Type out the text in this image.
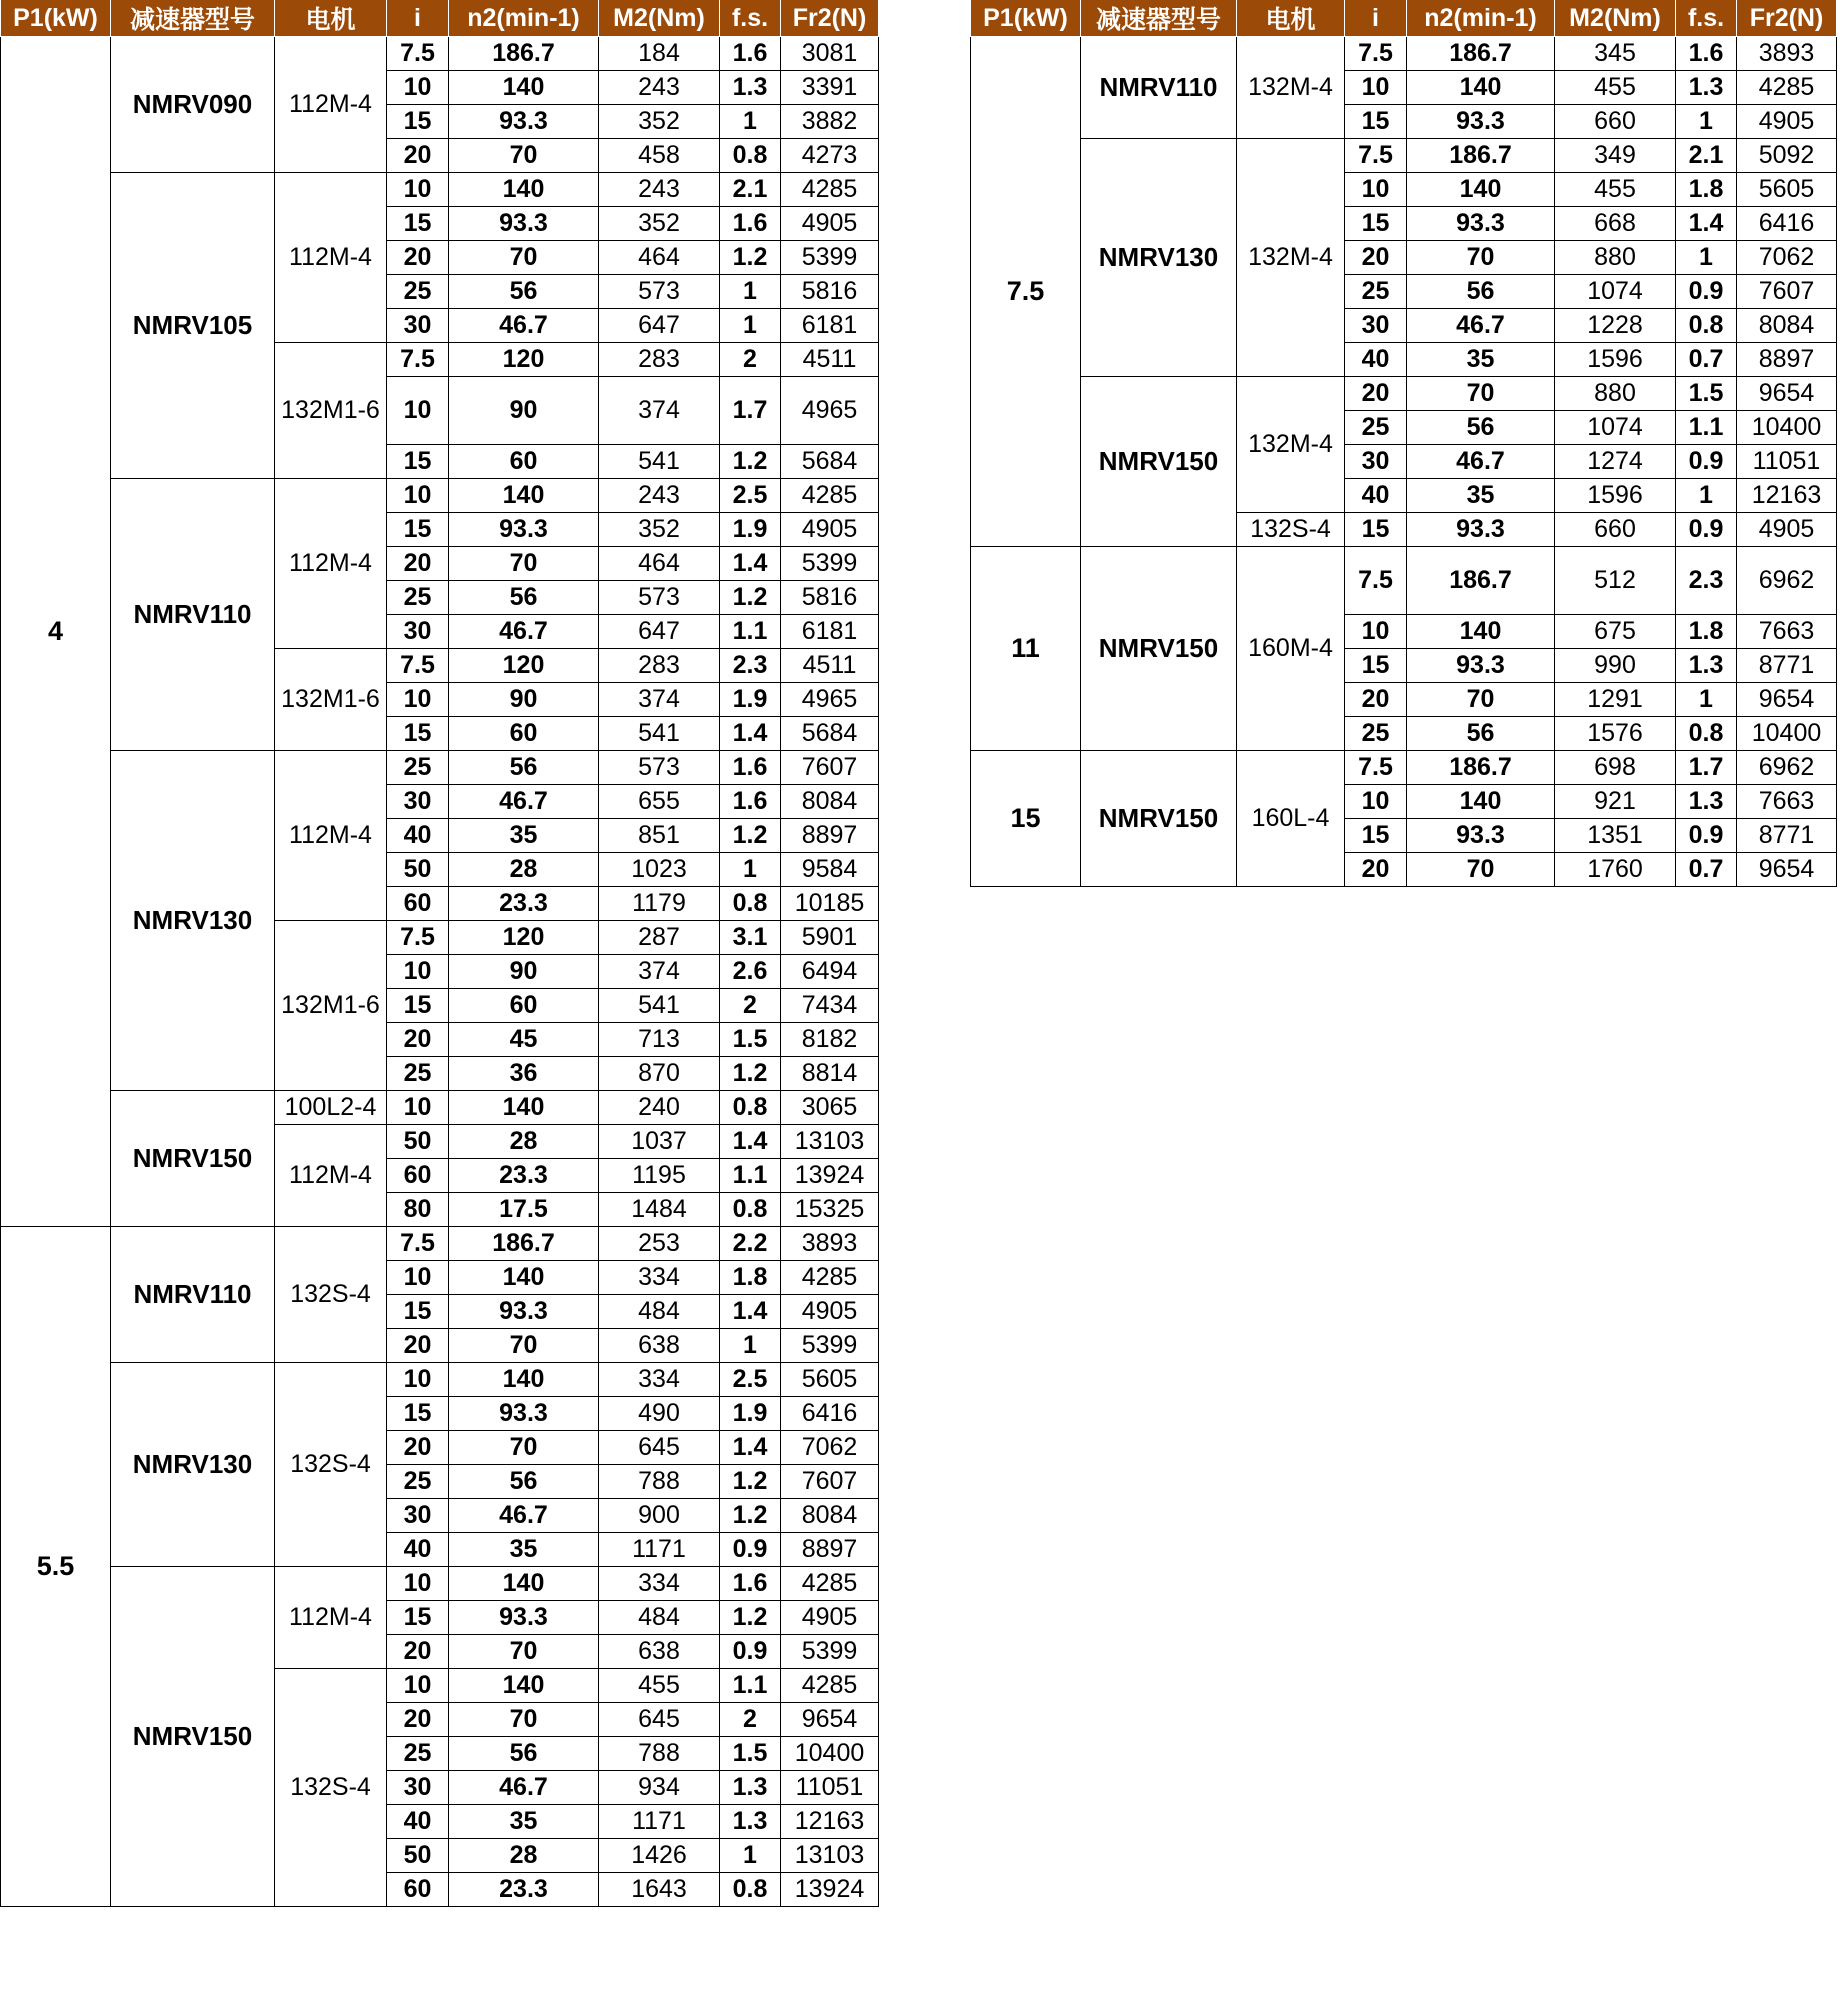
P1(kW)	减速器型号	电机	i	n2(min-1)	M2(Nm)	f.s.	Fr2(N)
4	NMRV090	112M-4	7.5	186.7	184	1.6	3081
			10	140	243	1.3	3391
			15	93.3	352	1	3882
			20	70	458	0.8	4273
	NMRV105	112M-4	10	140	243	2.1	4285
			15	93.3	352	1.6	4905
			20	70	464	1.2	5399
			25	56	573	1	5816
			30	46.7	647	1	6181
		132M1-6	7.5	120	283	2	4511
			10	90	374	1.7	4965
			15	60	541	1.2	5684
	NMRV110	112M-4	10	140	243	2.5	4285
			15	93.3	352	1.9	4905
			20	70	464	1.4	5399
			25	56	573	1.2	5816
			30	46.7	647	1.1	6181
		132M1-6	7.5	120	283	2.3	4511
			10	90	374	1.9	4965
			15	60	541	1.4	5684
	NMRV130	112M-4	25	56	573	1.6	7607
			30	46.7	655	1.6	8084
			40	35	851	1.2	8897
			50	28	1023	1	9584
			60	23.3	1179	0.8	10185
		132M1-6	7.5	120	287	3.1	5901
			10	90	374	2.6	6494
			15	60	541	2	7434
			20	45	713	1.5	8182
			25	36	870	1.2	8814
	NMRV150	100L2-4	10	140	240	0.8	3065
		112M-4	50	28	1037	1.4	13103
			60	23.3	1195	1.1	13924
			80	17.5	1484	0.8	15325
5.5	NMRV110	132S-4	7.5	186.7	253	2.2	3893
			10	140	334	1.8	4285
			15	93.3	484	1.4	4905
			20	70	638	1	5399
	NMRV130	132S-4	10	140	334	2.5	5605
			15	93.3	490	1.9	6416
			20	70	645	1.4	7062
			25	56	788	1.2	7607
			30	46.7	900	1.2	8084
			40	35	1171	0.9	8897
	NMRV150	112M-4	10	140	334	1.6	4285
			15	93.3	484	1.2	4905
			20	70	638	0.9	5399
		132S-4	10	140	455	1.1	4285
			20	70	645	2	9654
			25	56	788	1.5	10400
			30	46.7	934	1.3	11051
			40	35	1171	1.3	12163
			50	28	1426	1	13103
			60	23.3	1643	0.8	13924
P1(kW)	减速器型号	电机	i	n2(min-1)	M2(Nm)	f.s.	Fr2(N)
7.5	NMRV110	132M-4	7.5	186.7	345	1.6	3893
			10	140	455	1.3	4285
			15	93.3	660	1	4905
	NMRV130	132M-4	7.5	186.7	349	2.1	5092
			10	140	455	1.8	5605
			15	93.3	668	1.4	6416
			20	70	880	1	7062
			25	56	1074	0.9	7607
			30	46.7	1228	0.8	8084
			40	35	1596	0.7	8897
	NMRV150	132M-4	20	70	880	1.5	9654
			25	56	1074	1.1	10400
			30	46.7	1274	0.9	11051
			40	35	1596	1	12163
		132S-4	15	93.3	660	0.9	4905
11	NMRV150	160M-4	7.5	186.7	512	2.3	6962
			10	140	675	1.8	7663
			15	93.3	990	1.3	8771
			20	70	1291	1	9654
			25	56	1576	0.8	10400
15	NMRV150	160L-4	7.5	186.7	698	1.7	6962
			10	140	921	1.3	7663
			15	93.3	1351	0.9	8771
			20	70	1760	0.7	9654
